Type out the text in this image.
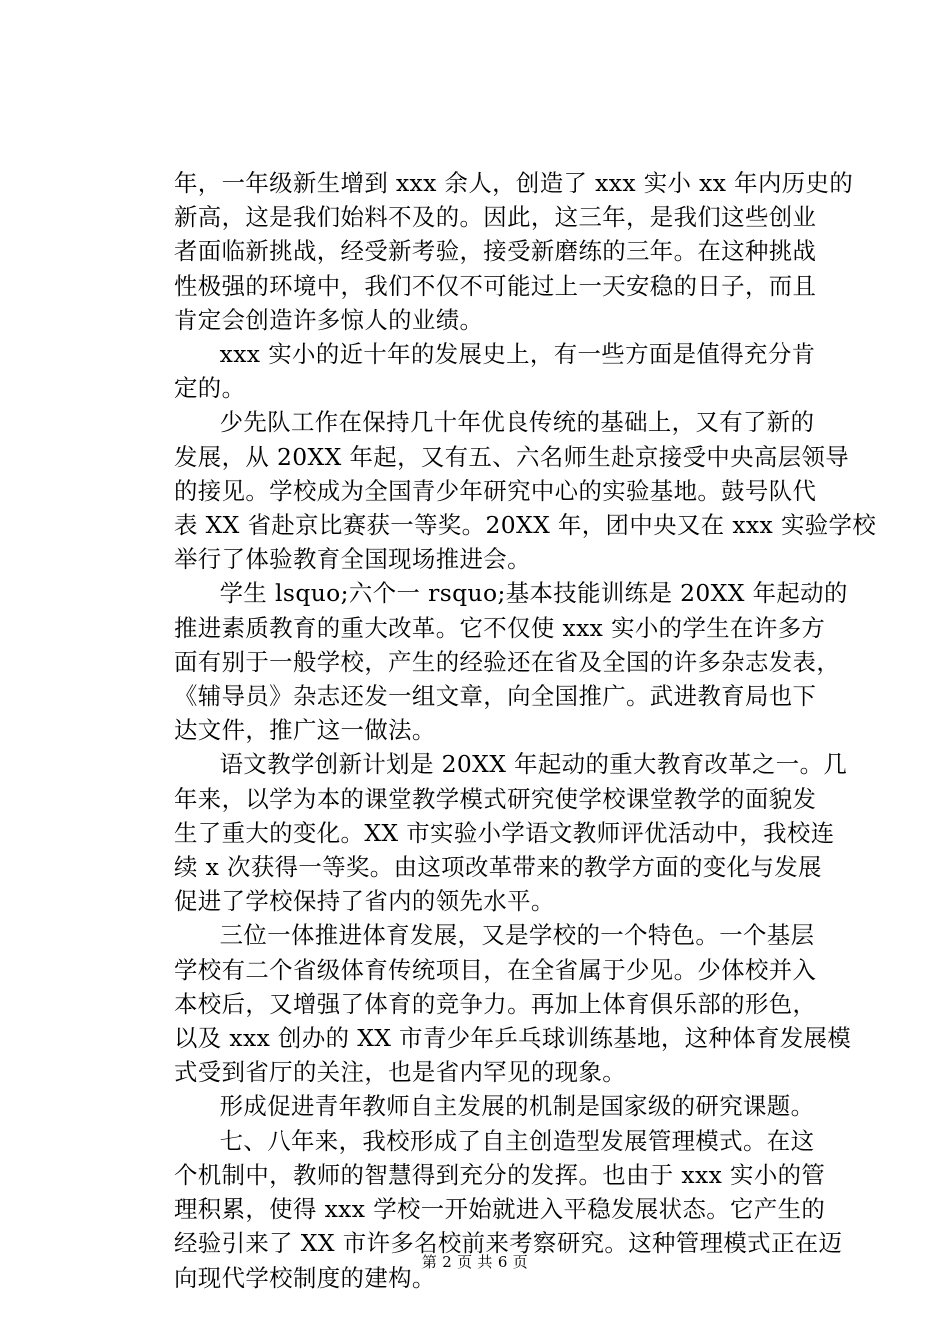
年，一年级新生增到 xxx 余人，创造了 xxx 实小 xx 年内历史的
新高，这是我们始料不及的。因此，这三年，是我们这些创业
者面临新挑战，经受新考验，接受新磨练的三年。在这种挑战
性极强的环境中，我们不仅不可能过上一天安稳的日子，而且
肯定会创造许多惊人的业绩。
xxx 实小的近十年的发展史上，有一些方面是值得充分肯
定的。
少先队工作在保持几十年优良传统的基础上，又有了新的
发展，从 20XX 年起，又有五、六名师生赴京接受中央高层领导
的接见。学校成为全国青少年研究中心的实验基地。鼓号队代
表 XX 省赴京比赛获一等奖。20XX 年，团中央又在 xxx 实验学校
举行了体验教育全国现场推进会。
学生 lsquo;六个一 rsquo;基本技能训练是 20XX 年起动的
推进素质教育的重大改革。它不仅使 xxx 实小的学生在许多方
面有别于一般学校，产生的经验还在省及全国的许多杂志发表，
《辅导员》杂志还发一组文章，向全国推广。武进教育局也下
达文件，推广这一做法。
语文教学创新计划是 20XX 年起动的重大教育改革之一。几
年来，以学为本的课堂教学模式研究使学校课堂教学的面貌发
生了重大的变化。XX 市实验小学语文教师评优活动中，我校连
续 x 次获得一等奖。由这项改革带来的教学方面的变化与发展
促进了学校保持了省内的领先水平。
三位一体推进体育发展，又是学校的一个特色。一个基层
学校有二个省级体育传统项目，在全省属于少见。少体校并入
本校后，又增强了体育的竞争力。再加上体育俱乐部的形色，
以及 xxx 创办的 XX 市青少年乒乓球训练基地，这种体育发展模
式受到省厅的关注，也是省内罕见的现象。
形成促进青年教师自主发展的机制是国家级的研究课题。
七、八年来，我校形成了自主创造型发展管理模式。在这
个机制中，教师的智慧得到充分的发挥。也由于 xxx 实小的管
理积累，使得 xxx 学校一开始就进入平稳发展状态。它产生的
经验引来了 XX 市许多名校前来考察研究。这种管理模式正在迈
向现代学校制度的建构。
第 2 页 共 6 页
